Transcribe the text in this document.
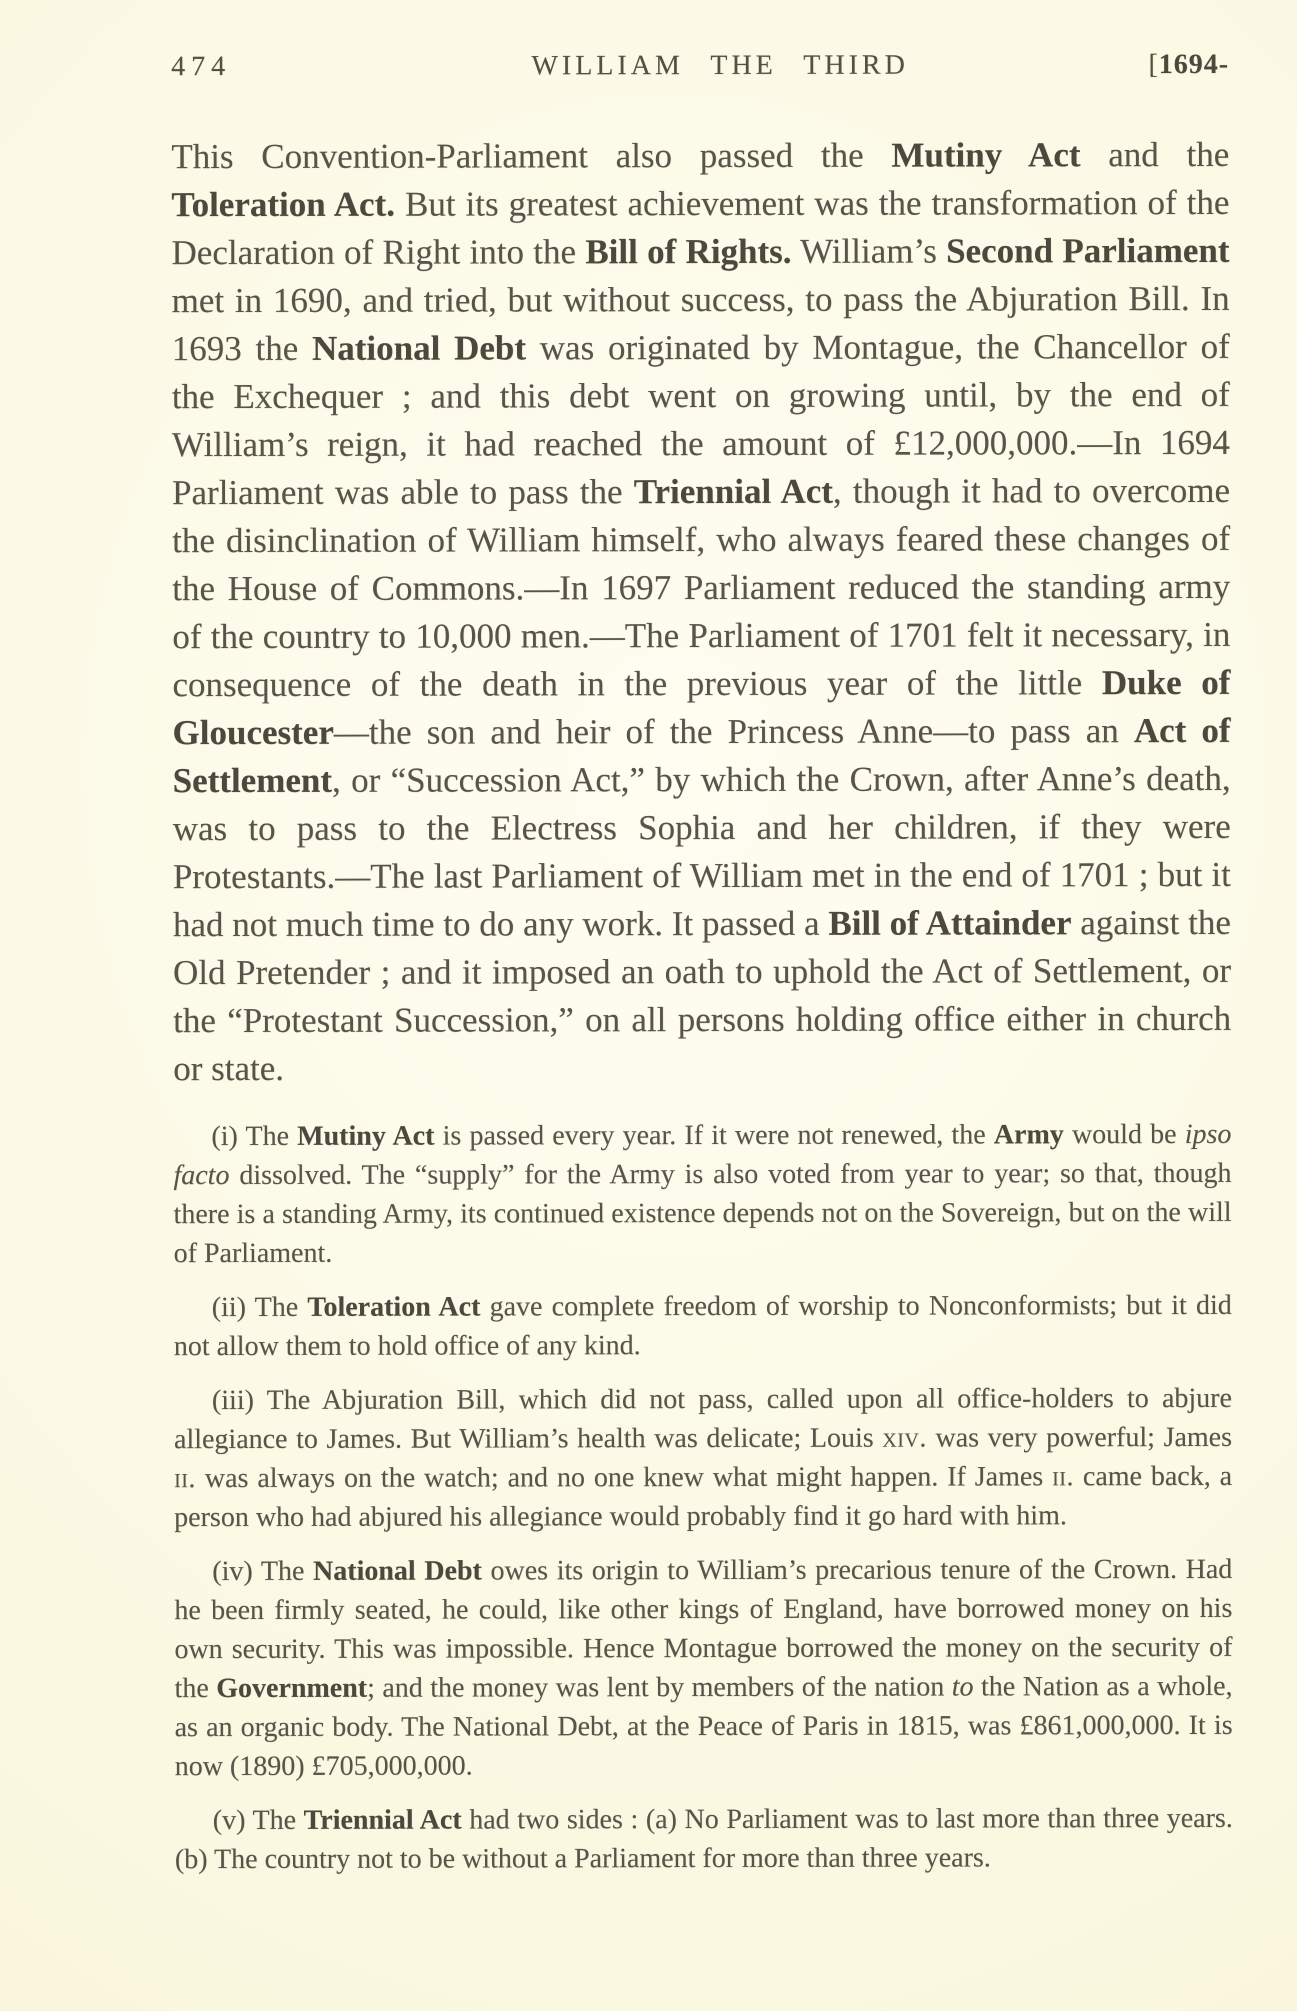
474	WILLIAM THE THIRD	[1694-

This Convention-Parliament also passed the Mutiny Act and the Toleration Act. But its greatest achievement was the transformation of the Declaration of Right into the Bill of Rights. William’s Second Parliament met in 1690, and tried, but without success, to pass the Abjuration Bill. In 1693 the National Debt was originated by Montague, the Chancellor of the Exchequer ; and this debt went on growing until, by the end of William’s reign, it had reached the amount of £12,000,000.—In 1694 Parliament was able to pass the Triennial Act, though it had to overcome the disinclination of William himself, who always feared these changes of the House of Commons.—In 1697 Parliament reduced the standing army of the country to 10,000 men.—The Parliament of 1701 felt it necessary, in consequence of the death in the previous year of the little Duke of Gloucester—the son and heir of the Princess Anne—to pass an Act of Settlement, or “Succession Act,” by which the Crown, after Anne’s death, was to pass to the Electress Sophia and her children, if they were Protestants.—The last Parliament of William met in the end of 1701 ; but it had not much time to do any work. It passed a Bill of Attainder against the Old Pretender ; and it imposed an oath to uphold the Act of Settlement, or the “Protestant Succession,” on all persons holding office either in church or state.

(i) The Mutiny Act is passed every year. If it were not renewed, the Army would be ipso facto dissolved. The “supply” for the Army is also voted from year to year; so that, though there is a standing Army, its continued existence depends not on the Sovereign, but on the will of Parliament.

(ii) The Toleration Act gave complete freedom of worship to Nonconformists; but it did not allow them to hold office of any kind.

(iii) The Abjuration Bill, which did not pass, called upon all office-holders to abjure allegiance to James. But William’s health was delicate; Louis xiv. was very powerful; James ii. was always on the watch; and no one knew what might happen. If James ii. came back, a person who had abjured his allegiance would probably find it go hard with him.

(iv) The National Debt owes its origin to William’s precarious tenure of the Crown. Had he been firmly seated, he could, like other kings of England, have borrowed money on his own security. This was impossible. Hence Montague borrowed the money on the security of the Government; and the money was lent by members of the nation to the Nation as a whole, as an organic body. The National Debt, at the Peace of Paris in 1815, was £861,000,000. It is now (1890) £705,000,000.

(v) The Triennial Act had two sides : (a) No Parliament was to last more than three years. (b) The country not to be without a Parliament for more than three years.
